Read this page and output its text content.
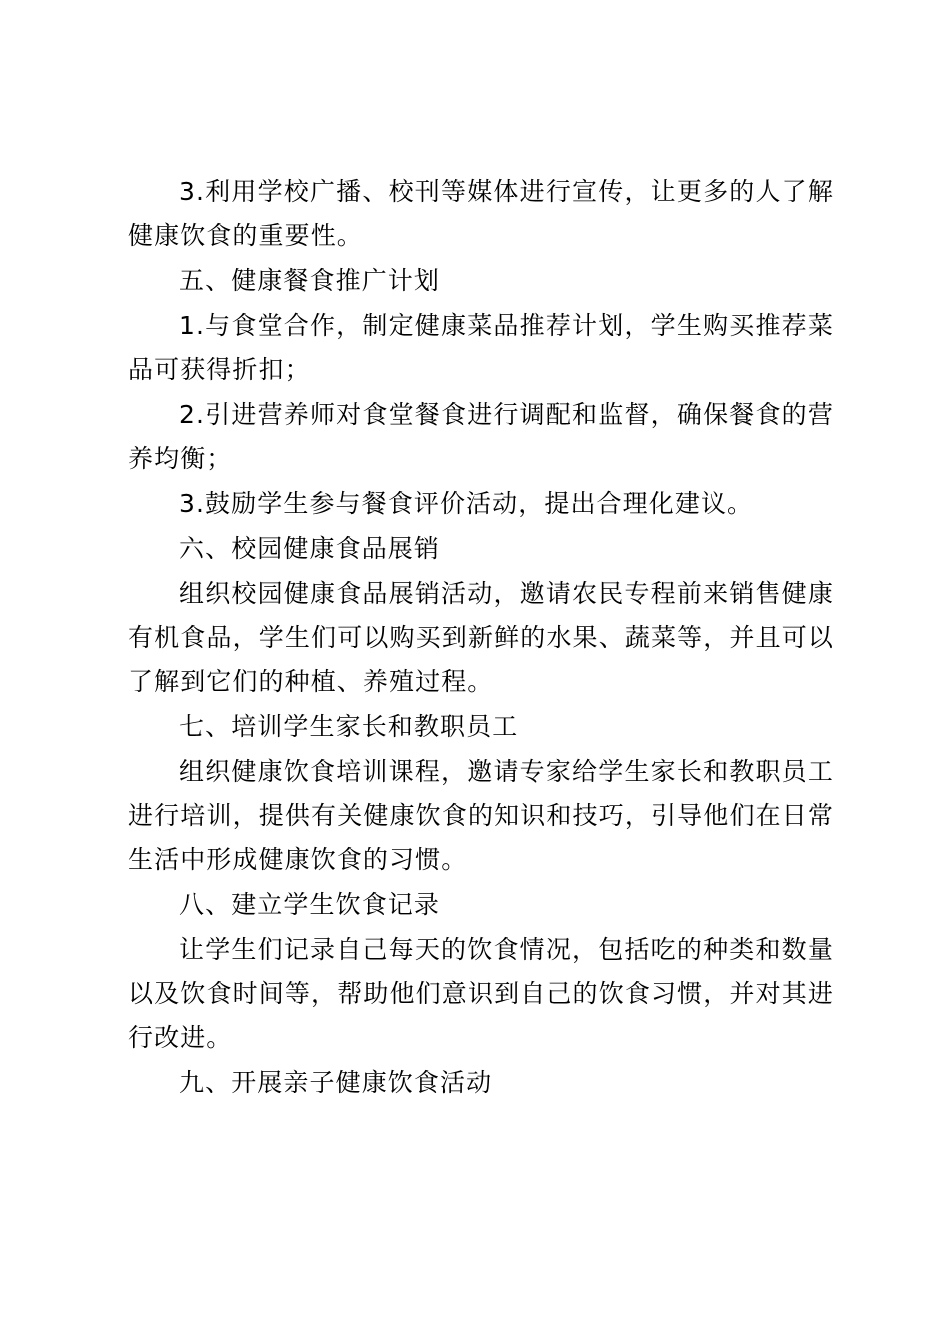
3.利用学校广播、校刊等媒体进行宣传，让更多的人了解健康饮食的重要性。

五、健康餐食推广计划

1.与食堂合作，制定健康菜品推荐计划，学生购买推荐菜品可获得折扣；

2.引进营养师对食堂餐食进行调配和监督，确保餐食的营养均衡；

3.鼓励学生参与餐食评价活动，提出合理化建议。

六、校园健康食品展销

组织校园健康食品展销活动，邀请农民专程前来销售健康有机食品，学生们可以购买到新鲜的水果、蔬菜等，并且可以了解到它们的种植、养殖过程。

七、培训学生家长和教职员工

组织健康饮食培训课程，邀请专家给学生家长和教职员工进行培训，提供有关健康饮食的知识和技巧，引导他们在日常生活中形成健康饮食的习惯。

八、建立学生饮食记录

让学生们记录自己每天的饮食情况，包括吃的种类和数量以及饮食时间等，帮助他们意识到自己的饮食习惯，并对其进行改进。

九、开展亲子健康饮食活动
